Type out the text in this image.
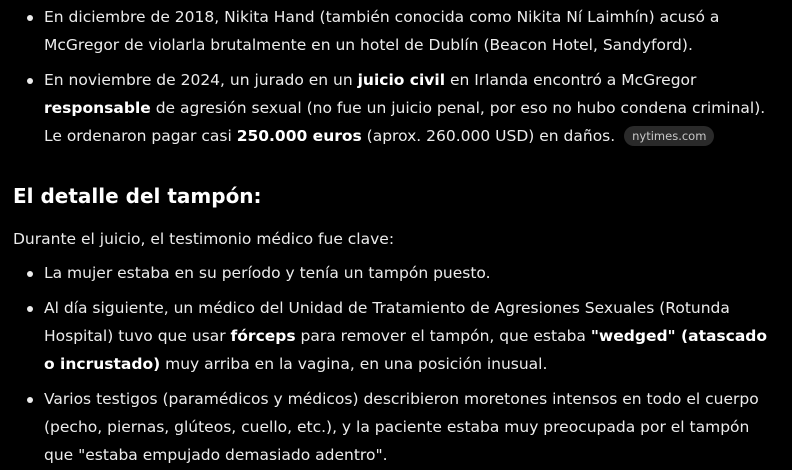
En diciembre de 2018, Nikita Hand (también conocida como Nikita Ní Laimhín) acusó a McGregor de violarla brutalmente en un hotel de Dublín (Beacon Hotel, Sandyford).
En noviembre de 2024, un jurado en un juicio civil en Irlanda encontró a McGregor responsable de agresión sexual (no fue un juicio penal, por eso no hubo condena criminal). Le ordenaron pagar casi 250.000 euros (aprox. 260.000 USD) en daños. nytimes.com
El detalle del tampón:

Durante el juicio, el testimonio médico fue clave:

La mujer estaba en su período y tenía un tampón puesto.
Al día siguiente, un médico del Unidad de Tratamiento de Agresiones Sexuales (Rotunda Hospital) tuvo que usar fórceps para remover el tampón, que estaba "wedged" (atascado o incrustado) muy arriba en la vagina, en una posición inusual.
Varios testigos (paramédicos y médicos) describieron moretones intensos en todo el cuerpo (pecho, piernas, glúteos, cuello, etc.), y la paciente estaba muy preocupada por el tampón que "estaba empujado demasiado adentro".
